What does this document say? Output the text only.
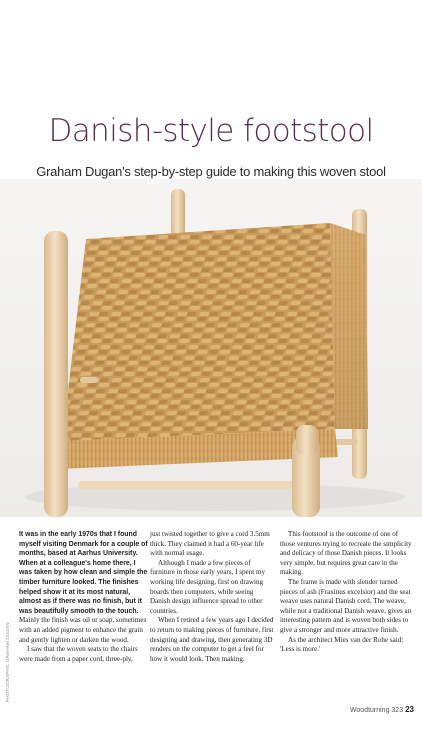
Danish-style footstool

Graham Dugan's step-by-step guide to making this woven stool

PHOTOGRAPHS: GRAHAM DUGAN

It was in the early 1970s that I found myself visiting Denmark for a couple of months, based at Aarhus University. When at a colleague's home there, I was taken by how clean and simple the timber furniture looked. The finishes helped show it at its most natural, almost as if there was no finish, but it was beautifully smooth to the touch. Mainly the finish was oil or soap, sometimes with an added pigment to enhance the grain and gently lighten or darken the wood.

I saw that the woven seats to the chairs were made from a paper cord, three-ply,

just twisted together to give a cord 3.5mm thick. They claimed it had a 60-year life with normal usage.

Although I made a few pieces of furniture in those early years, I spent my working life designing, first on drawing boards then computers, while seeing Danish design influence spread to other countries.

When I retired a few years ago I decided to return to making pieces of furniture, first designing and drawing, then generating 3D renders on the computer to get a feel for how it would look. Then making.

This footstool is the outcome of one of those ventures trying to recreate the simplicity and delicacy of those Danish pieces. It looks very simple, but requires great care in the making.

The frame is made with slender turned pieces of ash (Fraxinus excelsior) and the seat weave uses natural Danish cord. The weave, while not a traditional Danish weave, gives an interesting pattern and is woven both sides to give a stronger and more attractive finish.

As the architect Mies van der Rohe said: 'Less is more.'

Woodturning 323 23
